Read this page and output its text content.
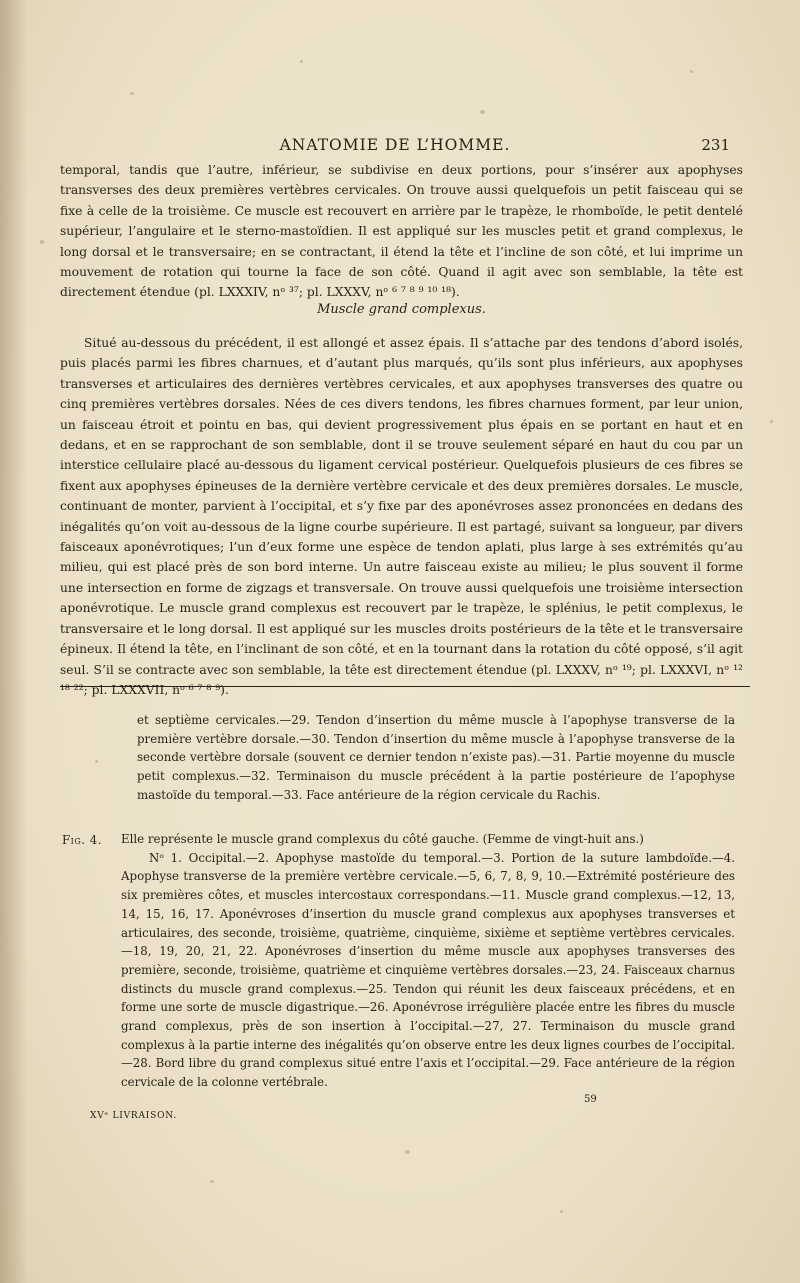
ANATOMIE DE L’HOMME.	231

temporal, tandis que l’autre, inférieur, se subdivise en deux portions, pour s’insérer aux apophyses transverses des deux premières vertèbres cervicales. On trouve aussi quelquefois un petit faisceau qui se fixe à celle de la troisième. Ce muscle est recouvert en arrière par le trapèze, le rhomboïde, le petit dentelé supérieur, l’angulaire et le sterno-mastoïdien. Il est appliqué sur les muscles petit et grand complexus, le long dorsal et le transversaire; en se contractant, il étend la tête et l’incline de son côté, et lui imprime un mouvement de rotation qui tourne la face de son côté. Quand il agit avec son semblable, la tête est directement étendue (pl. LXXXIV, nᵒ ³⁷; pl. LXXXV, nᵒ ⁶ ⁷ ⁸ ⁹ ¹⁰ ¹⁸).

Muscle grand complexus.

Situé au-dessous du précédent, il est allongé et assez épais. Il s’attache par des tendons d’abord isolés, puis placés parmi les fibres charnues, et d’autant plus marqués, qu’ils sont plus inférieurs, aux apophyses transverses et articulaires des dernières vertèbres cervicales, et aux apophyses transverses des quatre ou cinq premières vertèbres dorsales. Nées de ces divers tendons, les fibres charnues forment, par leur union, un faisceau étroit et pointu en bas, qui devient progressivement plus épais en se portant en haut et en dedans, et en se rapprochant de son semblable, dont il se trouve seulement séparé en haut du cou par un interstice cellulaire placé au-dessous du ligament cervical postérieur. Quelquefois plusieurs de ces fibres se fixent aux apophyses épineuses de la dernière vertèbre cervicale et des deux premières dorsales. Le muscle, continuant de monter, parvient à l’occipital, et s’y fixe par des aponévroses assez prononcées en dedans des inégalités qu’on voit au-dessous de la ligne courbe supérieure. Il est partagé, suivant sa longueur, par divers faisceaux aponévrotiques; l’un d’eux forme une espèce de tendon aplati, plus large à ses extrémités qu’au milieu, qui est placé près de son bord interne. Un autre faisceau existe au milieu; le plus souvent il forme une intersection en forme de zigzags et transversale. On trouve aussi quelquefois une troisième intersection aponévrotique. Le muscle grand complexus est recouvert par le trapèze, le splénius, le petit complexus, le transversaire et le long dorsal. Il est appliqué sur les muscles droits postérieurs de la tête et le transversaire épineux. Il étend la tête, en l’inclinant de son côté, et en la tournant dans la rotation du côté opposé, s’il agit seul. S’il se contracte avec son semblable, la tête est directement étendue (pl. LXXXV, nᵒ ¹⁹; pl. LXXXVI, nᵒ ¹² ¹⁸ ²²; pl. LXXXVII, nᵒ ⁶ ⁷ ⁸ ⁹).

et septième cervicales.—29. Tendon d’insertion du même muscle à l’apophyse transverse de la première vertèbre dorsale.—30. Tendon d’insertion du même muscle à l’apophyse transverse de la seconde vertèbre dorsale (souvent ce dernier tendon n’existe pas).—31. Partie moyenne du muscle petit complexus.—32. Terminaison du muscle précédent à la partie postérieure de l’apophyse mastoïde du temporal.—33. Face antérieure de la région cervicale du Rachis.

Fig. 4. Elle représente le muscle grand complexus du côté gauche. (Femme de vingt-huit ans.)
Nᵒ 1. Occipital.—2. Apophyse mastoïde du temporal.—3. Portion de la suture lambdoïde.—4. Apophyse transverse de la première vertèbre cervicale.—5, 6, 7, 8, 9, 10.—Extrémité postérieure des six premières côtes, et muscles intercostaux correspondans.—11. Muscle grand complexus.—12, 13, 14, 15, 16, 17. Aponévroses d’insertion du muscle grand complexus aux apophyses transverses et articulaires, des seconde, troisième, quatrième, cinquième, sixième et septième vertèbres cervicales.—18, 19, 20, 21, 22. Aponévroses d’insertion du même muscle aux apophyses transverses des première, seconde, troisième, quatrième et cinquième vertèbres dorsales.—23, 24. Faisceaux charnus distincts du muscle grand complexus.—25. Tendon qui réunit les deux faisceaux précédens, et en forme une sorte de muscle digastrique.—26. Aponévrose irrégulière placée entre les fibres du muscle grand complexus, près de son insertion à l’occipital.—27, 27. Terminaison du muscle grand complexus à la partie interne des inégalités qu’on observe entre les deux lignes courbes de l’occipital.—28. Bord libre du grand complexus situé entre l’axis et l’occipital.—29. Face antérieure de la région cervicale de la colonne vertébrale.
59
XVᵉ LIVRAISON.
